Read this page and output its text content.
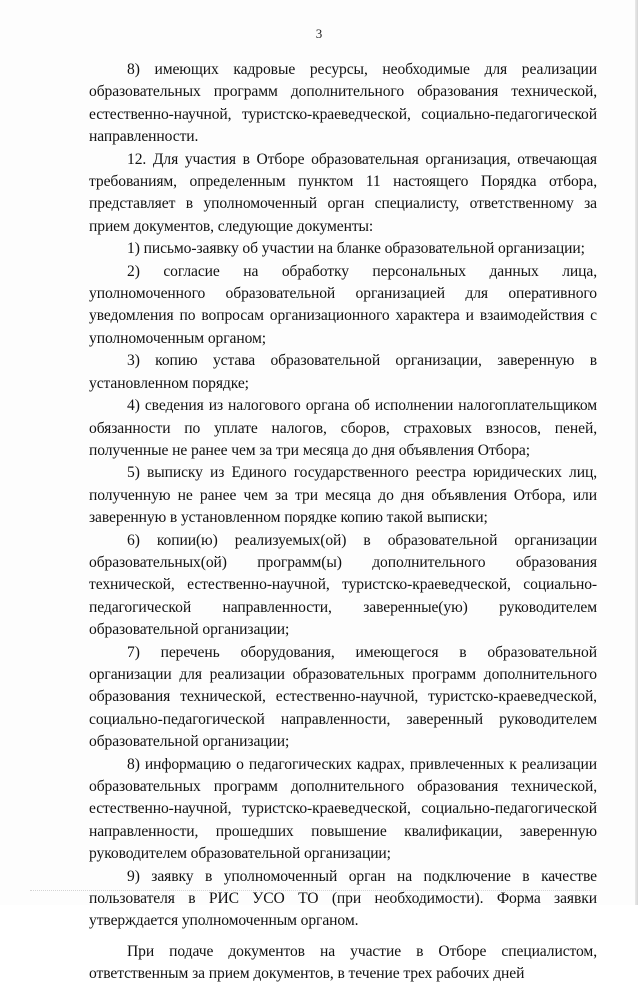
3

8) имеющих кадровые ресурсы, необходимые для реализации образовательных программ дополнительного образования технической, естественно-научной, туристско-краеведческой, социально-педагогической направленности.

12. Для участия в Отборе образовательная организация, отвечающая требованиям, определенным пунктом 11 настоящего Порядка отбора, представляет в уполномоченный орган специалисту, ответственному за прием документов, следующие документы:

1) письмо-заявку об участии на бланке образовательной организации;

2) согласие на обработку персональных данных лица, уполномоченного образовательной организацией для оперативного уведомления по вопросам организационного характера и взаимодействия с уполномоченным органом;

3) копию устава образовательной организации, заверенную в установленном порядке;

4) сведения из налогового органа об исполнении налогоплательщиком обязанности по уплате налогов, сборов, страховых взносов, пеней, полученные не ранее чем за три месяца до дня объявления Отбора;

5) выписку из Единого государственного реестра юридических лиц, полученную не ранее чем за три месяца до дня объявления Отбора, или заверенную в установленном порядке копию такой выписки;

6) копии(ю) реализуемых(ой) в образовательной организации образовательных(ой) программ(ы) дополнительного образования технической, естественно-научной, туристско-краеведческой, социально-педагогической направленности, заверенные(ую) руководителем образовательной организации;

7) перечень оборудования, имеющегося в образовательной организации для реализации образовательных программ дополнительного образования технической, естественно-научной, туристско-краеведческой, социально-педагогической направленности, заверенный руководителем образовательной организации;

8) информацию о педагогических кадрах, привлеченных к реализации образовательных программ дополнительного образования технической, естественно-научной, туристско-краеведческой, социально-педагогической направленности, прошедших повышение квалификации, заверенную руководителем образовательной организации;

9) заявку в уполномоченный орган на подключение в качестве пользователя в РИС УСО ТО (при необходимости). Форма заявки утверждается уполномоченным органом.

При подаче документов на участие в Отборе специалистом, ответственным за прием документов, в течение трех рабочих дней
